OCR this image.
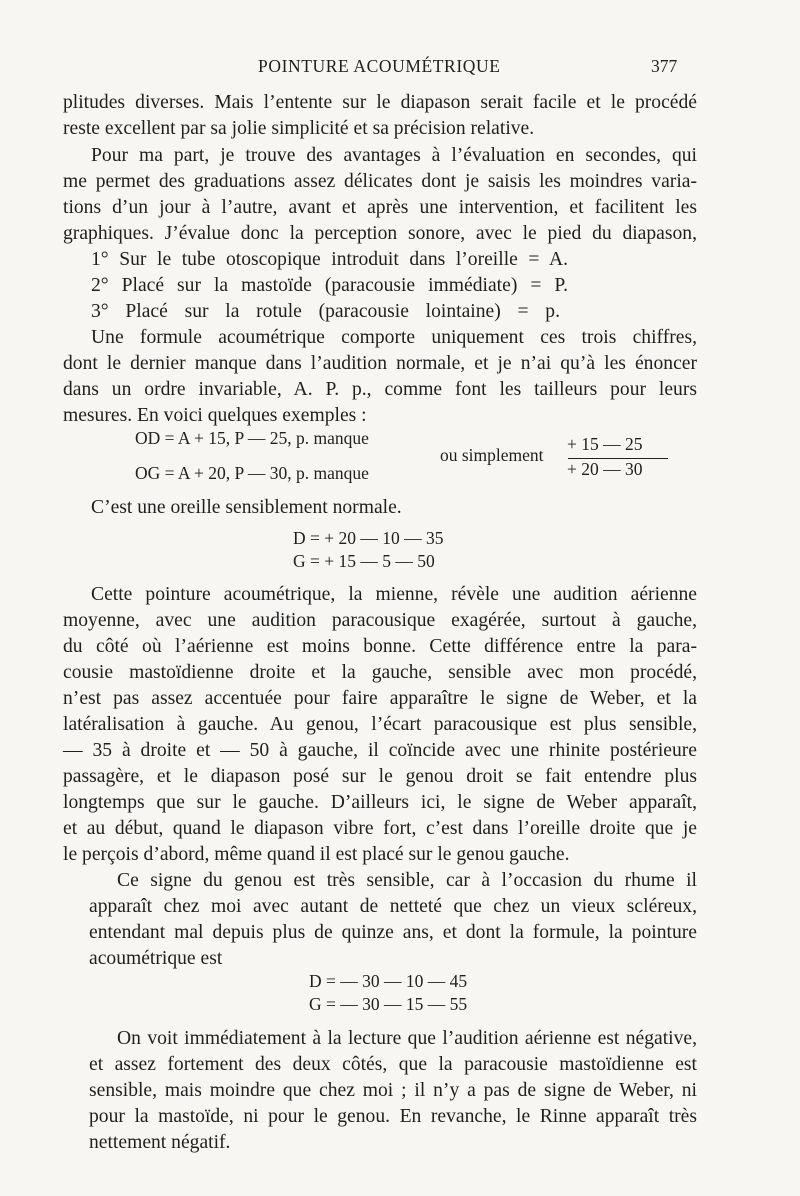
POINTURE ACOUMÉTRIQUE	377
plitudes diverses. Mais l’entente sur le diapason serait facile et le procédé
reste excellent par sa jolie simplicité et sa précision relative.
Pour ma part, je trouve des avantages à l’évaluation en secondes, qui
me permet des graduations assez délicates dont je saisis les moindres varia-
tions d’un jour à l’autre, avant et après une intervention, et facilitent les
graphiques. J’évalue donc la perception sonore, avec le pied du diapason,
1° Sur le tube otoscopique introduit dans l’oreille = A.
2° Placé sur la mastoïde (paracousie immédiate) = P.
3° Placé sur la rotule (paracousie lointaine) = p.
Une formule acoumétrique comporte uniquement ces trois chiffres,
dont le dernier manque dans l’audition normale, et je n’ai qu’à les énoncer
dans un ordre invariable, A. P. p., comme font les tailleurs pour leurs
mesures. En voici quelques exemples :
OD = A + 15, P — 25, p. manque
OG = A + 20, P — 30, p. manque
ou simplement
+ 15 — 25
+ 20 — 30
C’est une oreille sensiblement normale.
D = + 20 — 10 — 35
G = + 15 — 5 — 50
Cette pointure acoumétrique, la mienne, révèle une audition aérienne
moyenne, avec une audition paracousique exagérée, surtout à gauche,
du côté où l’aérienne est moins bonne. Cette différence entre la para-
cousie mastoïdienne droite et la gauche, sensible avec mon procédé,
n’est pas assez accentuée pour faire apparaître le signe de Weber, et la
latéralisation à gauche. Au genou, l’écart paracousique est plus sensible,
— 35 à droite et — 50 à gauche, il coïncide avec une rhinite postérieure
passagère, et le diapason posé sur le genou droit se fait entendre plus
longtemps que sur le gauche. D’ailleurs ici, le signe de Weber apparaît,
et au début, quand le diapason vibre fort, c’est dans l’oreille droite que je
le perçois d’abord, même quand il est placé sur le genou gauche.
Ce signe du genou est très sensible, car à l’occasion du rhume il
apparaît chez moi avec autant de netteté que chez un vieux scléreux,
entendant mal depuis plus de quinze ans, et dont la formule, la pointure
acoumétrique est
D = — 30 — 10 — 45
G = — 30 — 15 — 55
On voit immédiatement à la lecture que l’audition aérienne est négative,
et assez fortement des deux côtés, que la paracousie mastoïdienne est
sensible, mais moindre que chez moi ; il n’y a pas de signe de Weber, ni
pour la mastoïde, ni pour le genou. En revanche, le Rinne apparaît très
nettement négatif.
